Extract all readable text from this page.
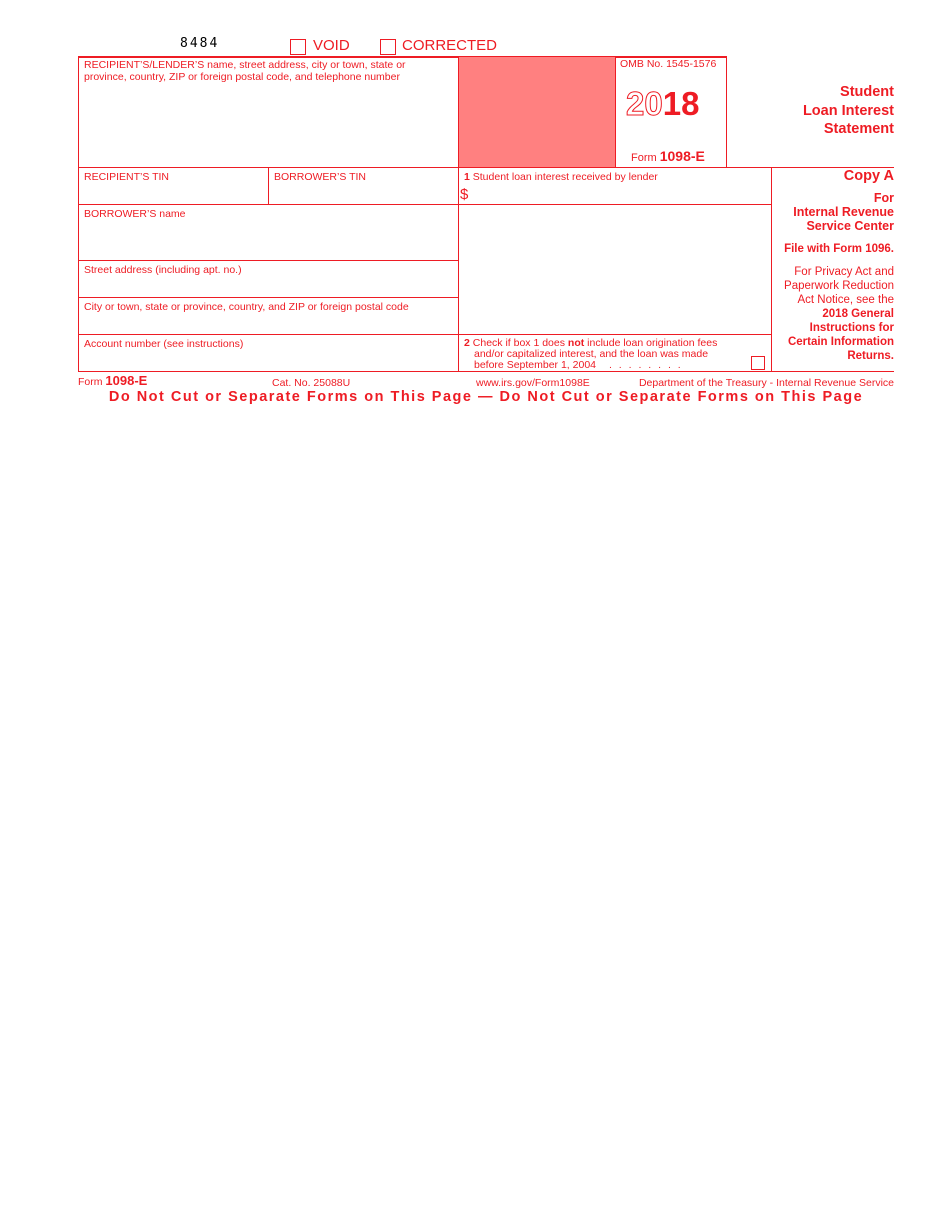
8484	VOID	CORRECTED
RECIPIENT’S/LENDER’S name, street address, city or town, state or
province, country, ZIP or foreign postal code, and telephone number
OMB No. 1545-1576
2018
Form 1098-E
Student
Loan Interest
Statement
RECIPIENT’S TIN	BORROWER’S TIN	1 Student loan interest received by lender
$
BORROWER’S name
Street address (including apt. no.)
City or town, state or province, country, and ZIP or foreign postal code
Account number (see instructions)	2 Check if box 1 does not include loan origination fees
and/or capitalized interest, and the loan was made
before September 1, 2004 . . . . . . . .
Copy A
For
Internal Revenue
Service Center
File with Form 1096.
For Privacy Act and
Paperwork Reduction
Act Notice, see the
2018 General
Instructions for
Certain Information
Returns.
Form 1098-E	Cat. No. 25088U	www.irs.gov/Form1098E	Department of the Treasury - Internal Revenue Service
Do Not Cut or Separate Forms on This Page — Do Not Cut or Separate Forms on This Page
